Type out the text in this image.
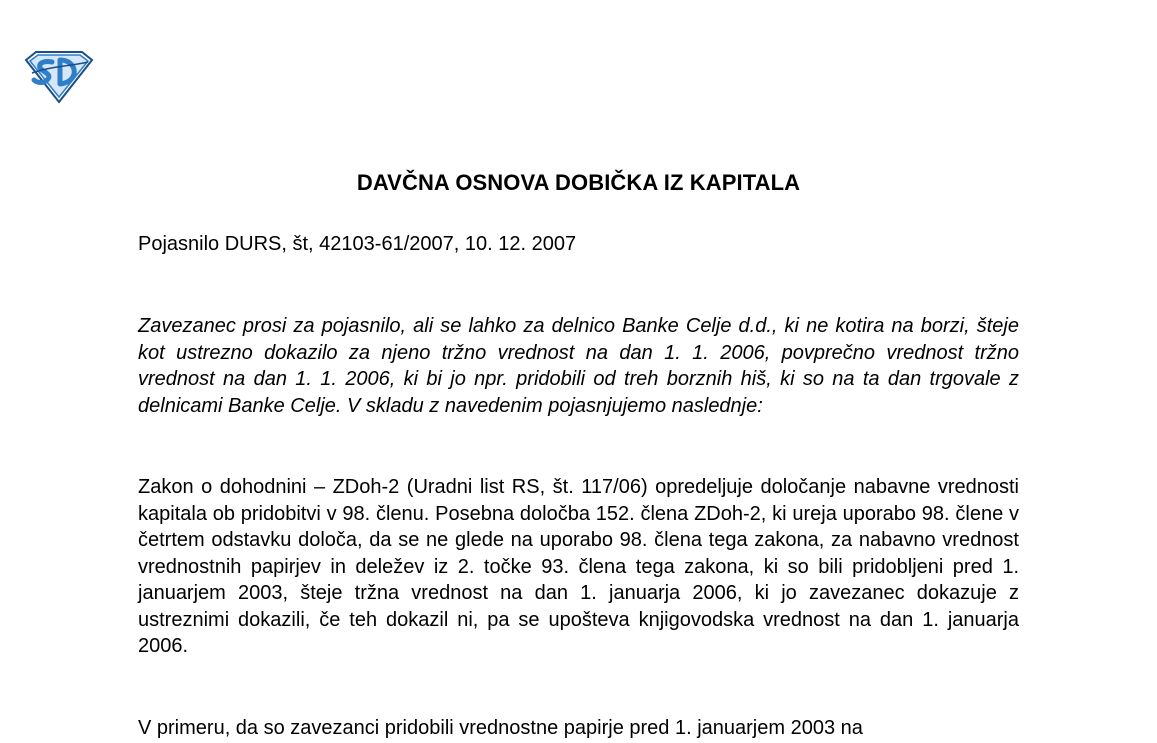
DAVČNA OSNOVA DOBIČKA IZ KAPITALA
Pojasnilo DURS, št, 42103-61/2007, 10. 12. 2007

Zavezanec prosi za pojasnilo, ali se lahko za delnico Banke Celje d.d., ki ne kotira na borzi, šteje kot ustrezno dokazilo za njeno tržno vrednost na dan 1. 1. 2006, povprečno vrednost tržno vrednost na dan 1. 1. 2006, ki bi jo npr. pridobili od treh borznih hiš, ki so na ta dan trgovale z delnicami Banke Celje. V skladu z navedenim pojasnjujemo naslednje:

Zakon o dohodnini – ZDoh-2 (Uradni list RS, št. 117/06) opredeljuje določanje nabavne vrednosti kapitala ob pridobitvi v 98. členu. Posebna določba 152. člena ZDoh-2, ki ureja uporabo 98. člene v četrtem odstavku določa, da se ne glede na uporabo 98. člena tega zakona, za nabavno vrednost vrednostnih papirjev in deležev iz 2. točke 93. člena tega zakona, ki so bili pridobljeni pred 1. januarjem 2003, šteje tržna vrednost na dan 1. januarja 2006, ki jo zavezanec dokazuje z ustreznimi dokazili, če teh dokazil ni, pa se upošteva knjigovodska vrednost na dan 1. januarja 2006.

V primeru, da so zavezanci pridobili vrednostne papirje pred 1. januarjem 2003 na
